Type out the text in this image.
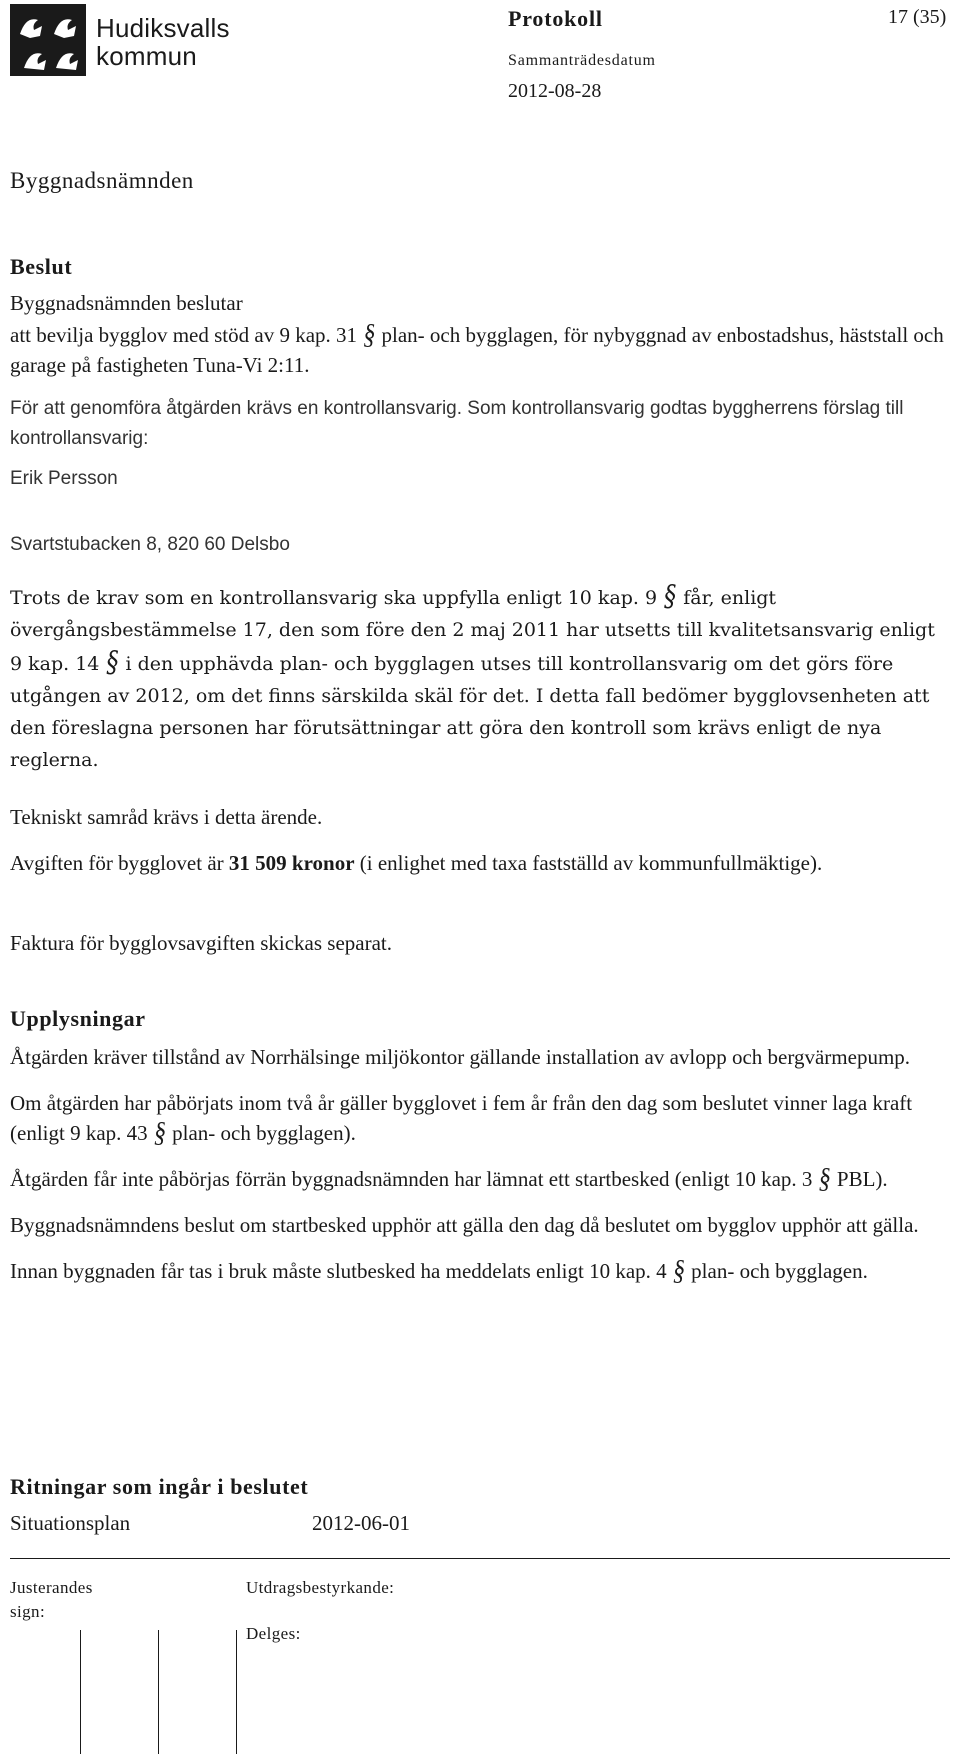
Hudiksvalls
kommun
Protokoll	17 (35)
Sammanträdesdatum
2012-08-28
Byggnadsnämnden
Beslut

Byggnadsnämnden beslutar

att bevilja bygglov med stöd av 9 kap. 31 § plan- och bygglagen, för nybyggnad av enbostadshus, häststall och garage på fastigheten Tuna-Vi 2:11.

För att genomföra åtgärden krävs en kontrollansvarig. Som kontrollansvarig godtas byggherrens förslag till kontrollansvarig:

Erik Persson

Svartstubacken 8, 820 60 Delsbo

Trots de krav som en kontrollansvarig ska uppfylla enligt 10 kap. 9 § får, enligt övergångsbestämmelse 17, den som före den 2 maj 2011 har utsetts till kvalitetsansvarig enligt 9 kap. 14 § i den upphävda plan- och bygglagen utses till kontrollansvarig om det görs före utgången av 2012, om det finns särskilda skäl för det. I detta fall bedömer bygglovsenheten att den föreslagna personen har förutsättningar att göra den kontroll som krävs enligt de nya reglerna.

Tekniskt samråd krävs i detta ärende.

Avgiften för bygglovet är 31 509 kronor (i enlighet med taxa fastställd av kommunfullmäktige).

Faktura för bygglovsavgiften skickas separat.

Upplysningar

Åtgärden kräver tillstånd av Norrhälsinge miljökontor gällande installation av avlopp och bergvärmepump.

Om åtgärden har påbörjats inom två år gäller bygglovet i fem år från den dag som beslutet vinner laga kraft (enligt 9 kap. 43 § plan- och bygglagen).

Åtgärden får inte påbörjas förrän byggnadsnämnden har lämnat ett startbesked (enligt 10 kap. 3 § PBL).

Byggnadsnämndens beslut om startbesked upphör att gälla den dag då beslutet om bygglov upphör att gälla.

Innan byggnaden får tas i bruk måste slutbesked ha meddelats enligt 10 kap. 4 § plan- och bygglagen.

Ritningar som ingår i beslutet
Situationsplan	2012-06-01
Justerandes sign:
Utdragsbestyrkande:
Delges:
